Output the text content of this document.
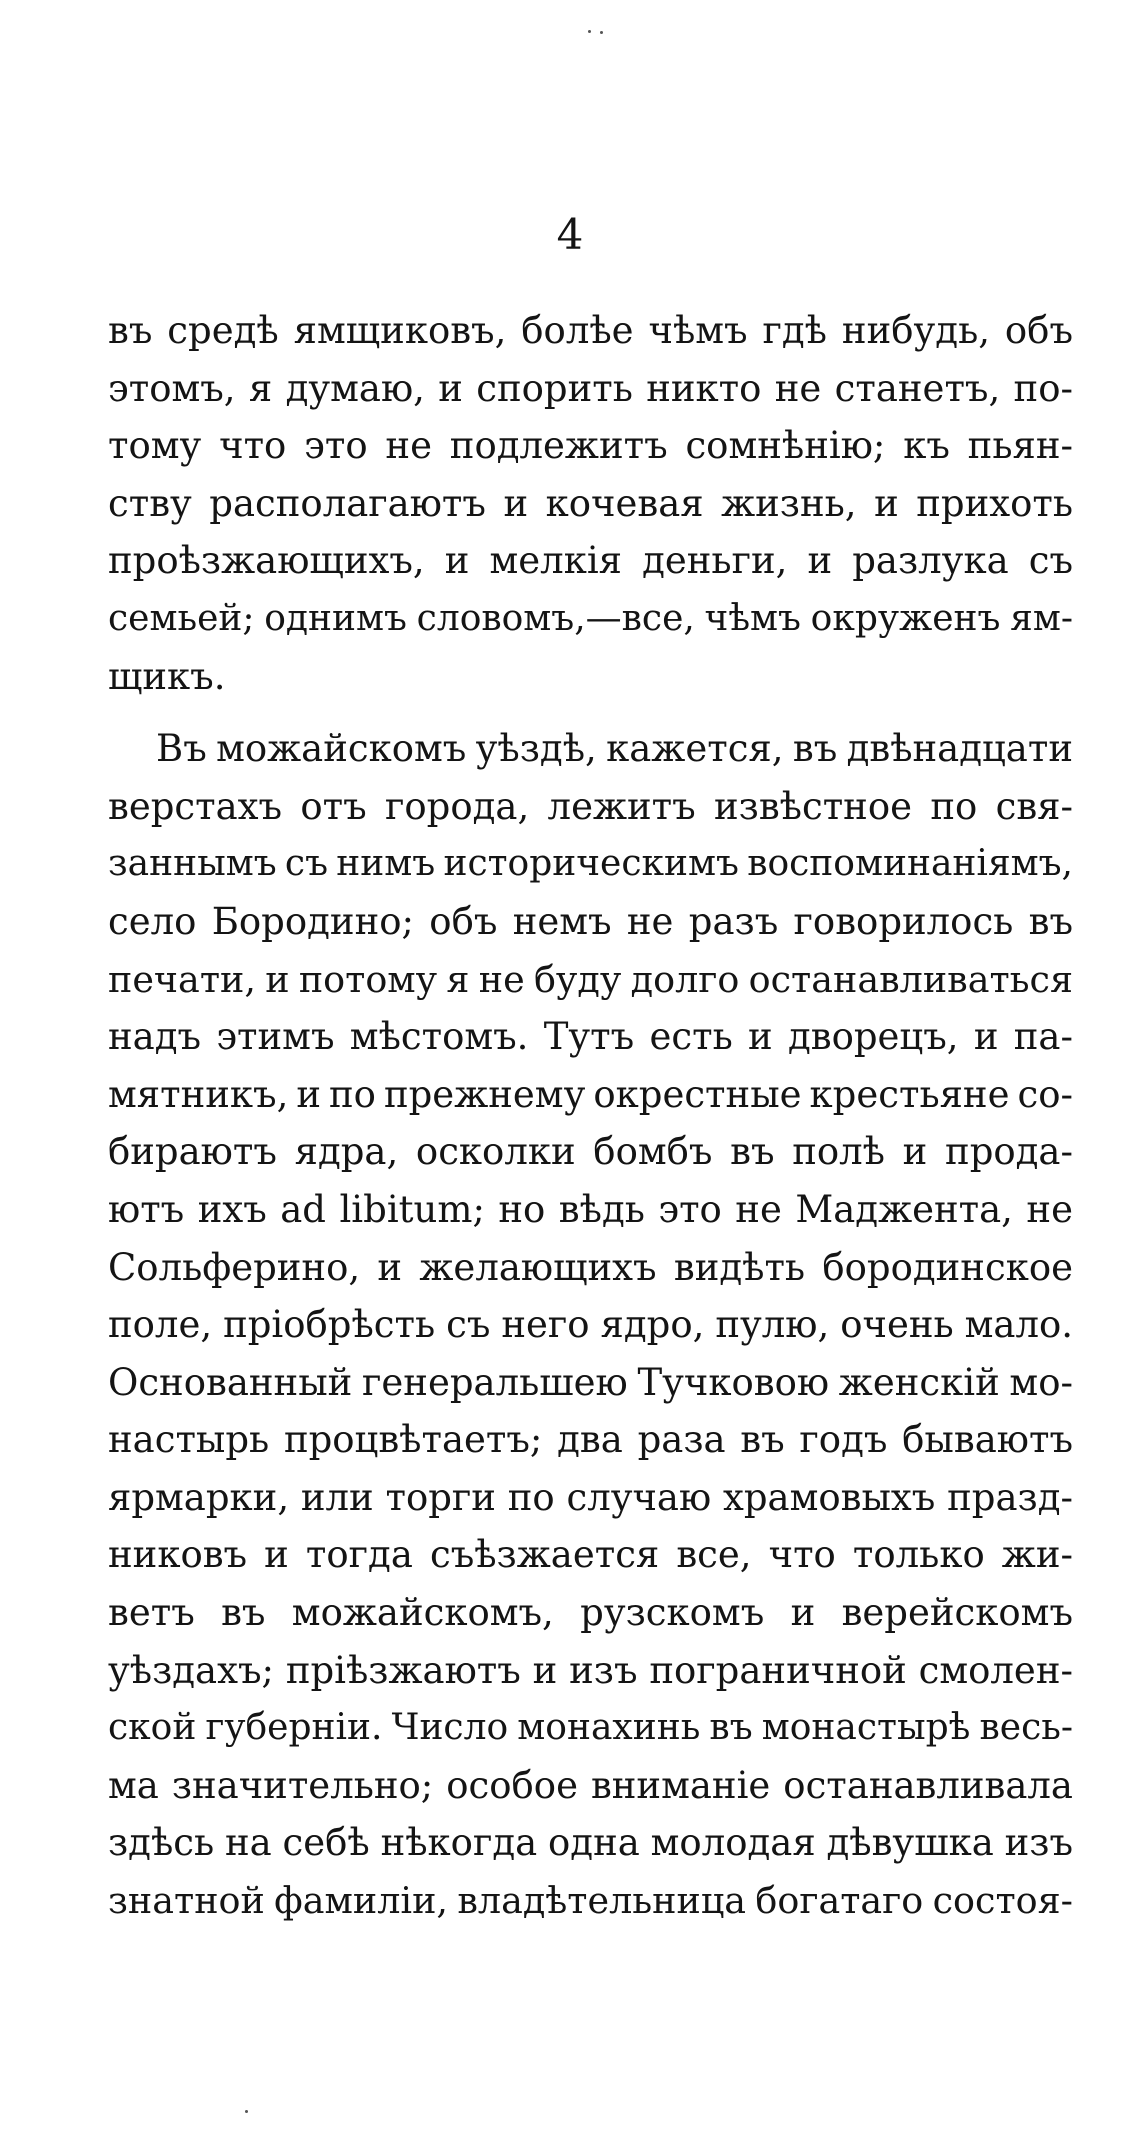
4

въ средѣ ямщиковъ, болѣе чѣмъ гдѣ нибудь, объ
этомъ, я думаю, и спорить никто не станетъ, по-
тому что это не подлежитъ сомнѣнію; къ пьян-
ству располагаютъ и кочевая жизнь, и прихоть
проѣзжающихъ, и мелкія деньги, и разлука съ
семьей; однимъ словомъ,—все, чѣмъ окруженъ ям-
щикъ.
Въ можайскомъ уѣздѣ, кажется, въ двѣнадцати
верстахъ отъ города, лежитъ извѣстное по свя-
заннымъ съ нимъ историческимъ воспоминаніямъ,
село Бородино; объ немъ не разъ говорилось въ
печати, и потому я не буду долго останавливаться
надъ этимъ мѣстомъ. Тутъ есть и дворецъ, и па-
мятникъ, и по прежнему окрестные крестьяне со-
бираютъ ядра, осколки бомбъ въ полѣ и прода-
ютъ ихъ ad libitum; но вѣдь это не Маджента, не
Сольферино, и желающихъ видѣть бородинское
поле, пріобрѣсть съ него ядро, пулю, очень мало.
Основанный генеральшею Тучковою женскій мо-
настырь процвѣтаетъ; два раза въ годъ бываютъ
ярмарки, или торги по случаю храмовыхъ празд-
никовъ и тогда съѣзжается все, что только жи-
ветъ въ можайскомъ, рузскомъ и верейскомъ
уѣздахъ; пріѣзжаютъ и изъ пограничной смолен-
ской губерніи. Число монахинь въ монастырѣ весь-
ма значительно; особое вниманіе останавливала
здѣсь на себѣ нѣкогда одна молодая дѣвушка изъ
знатной фамиліи, владѣтельница богатаго состоя-
